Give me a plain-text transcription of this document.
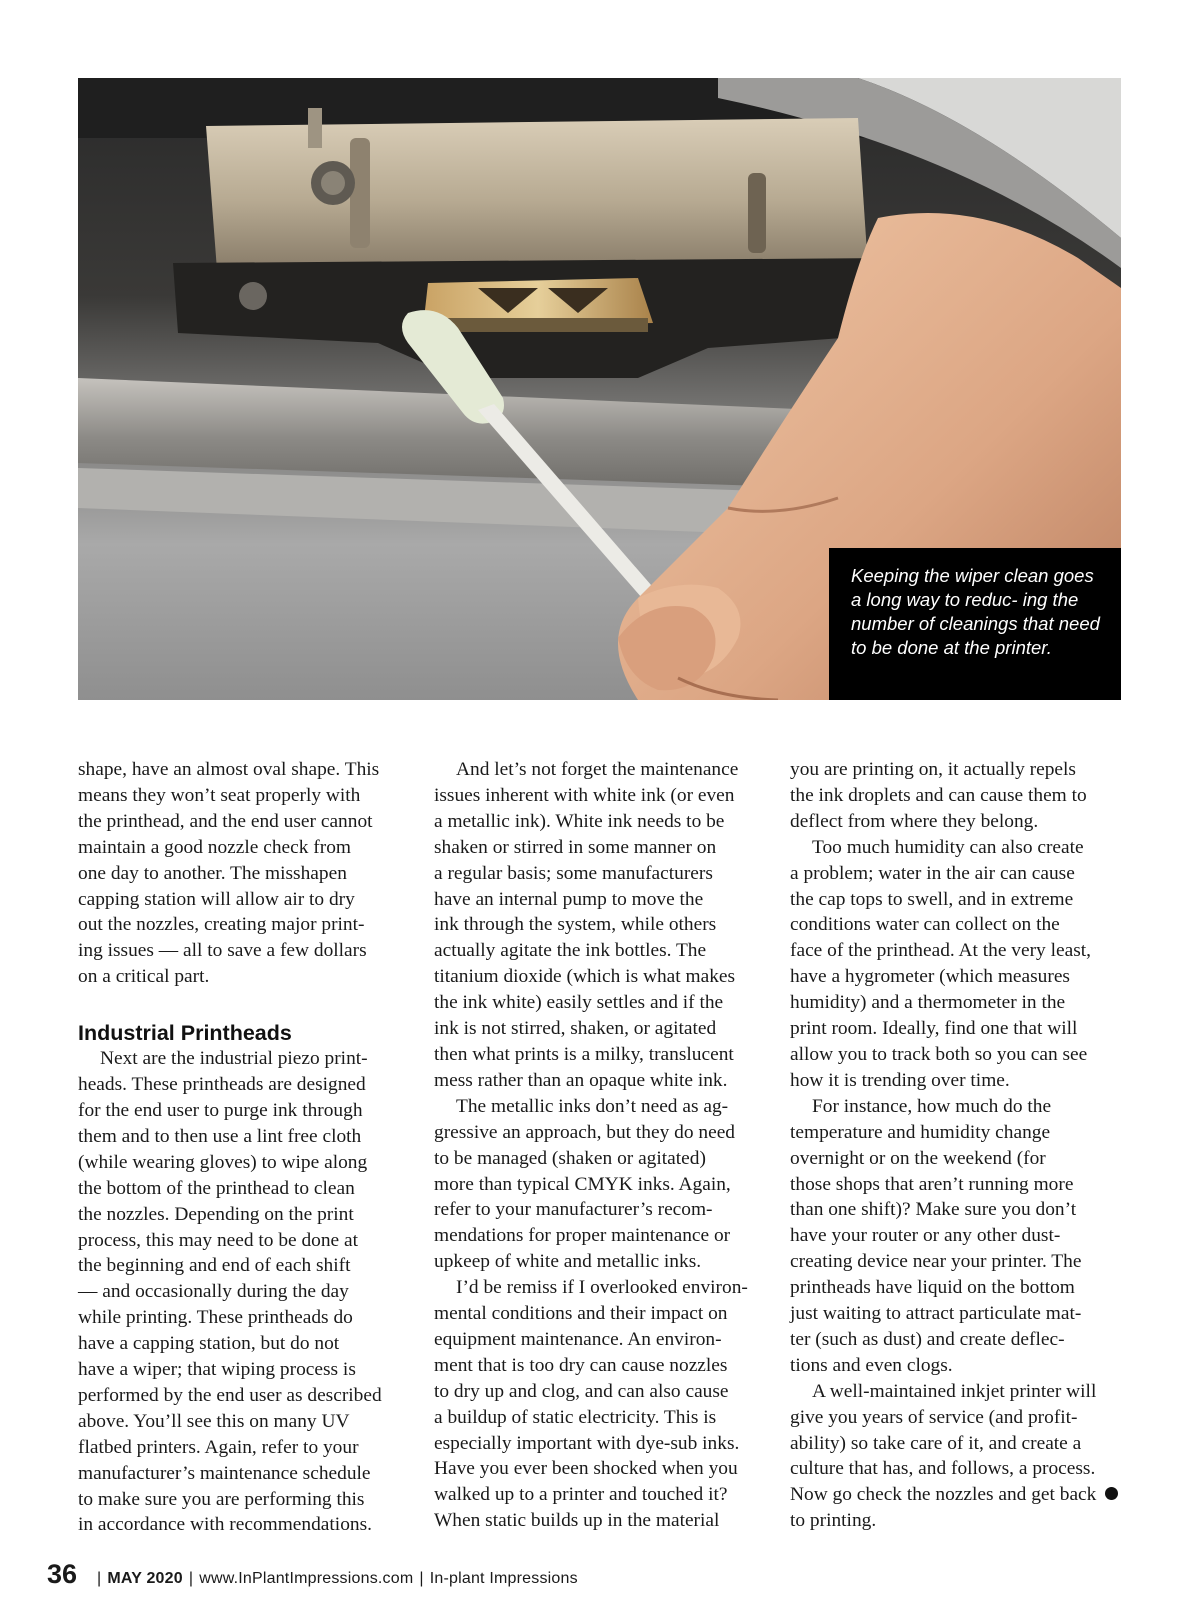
Keeping the wiper clean goes a long way to reduc- ing the number of cleanings that need to be done at the printer.

shape, have an almost oval shape. This
means they won’t seat properly with
the printhead, and the end user cannot
maintain a good nozzle check from
one day to another. The misshapen
capping station will allow air to dry
out the nozzles, creating major print-
ing issues — all to save a few dollars
on a critical part.

Industrial Printheads

Next are the industrial piezo print-
heads. These printheads are designed
for the end user to purge ink through
them and to then use a lint free cloth
(while wearing gloves) to wipe along
the bottom of the printhead to clean
the nozzles. Depending on the print
process, this may need to be done at
the beginning and end of each shift
— and occasionally during the day
while printing. These printheads do
have a capping station, but do not
have a wiper; that wiping process is
performed by the end user as described
above. You’ll see this on many UV
flatbed printers. Again, refer to your
manufacturer’s maintenance schedule
to make sure you are performing this
in accordance with recommendations.

And let’s not forget the maintenance
issues inherent with white ink (or even
a metallic ink). White ink needs to be
shaken or stirred in some manner on
a regular basis; some manufacturers
have an internal pump to move the
ink through the system, while others
actually agitate the ink bottles. The
titanium dioxide (which is what makes
the ink white) easily settles and if the
ink is not stirred, shaken, or agitated
then what prints is a milky, translucent
mess rather than an opaque white ink.

The metallic inks don’t need as ag-
gressive an approach, but they do need
to be managed (shaken or agitated)
more than typical CMYK inks. Again,
refer to your manufacturer’s recom-
mendations for proper maintenance or
upkeep of white and metallic inks.

I’d be remiss if I overlooked environ-
mental conditions and their impact on
equipment maintenance. An environ-
ment that is too dry can cause nozzles
to dry up and clog, and can also cause
a buildup of static electricity. This is
especially important with dye-sub inks.
Have you ever been shocked when you
walked up to a printer and touched it?
When static builds up in the material

you are printing on, it actually repels
the ink droplets and can cause them to
deflect from where they belong.

Too much humidity can also create
a problem; water in the air can cause
the cap tops to swell, and in extreme
conditions water can collect on the
face of the printhead. At the very least,
have a hygrometer (which measures
humidity) and a thermometer in the
print room. Ideally, find one that will
allow you to track both so you can see
how it is trending over time.

For instance, how much do the
temperature and humidity change
overnight or on the weekend (for
those shops that aren’t running more
than one shift)? Make sure you don’t
have your router or any other dust-
creating device near your printer. The
printheads have liquid on the bottom
just waiting to attract particulate mat-
ter (such as dust) and create deflec-
tions and even clogs.

A well-maintained inkjet printer will
give you years of service (and profit-
ability) so take care of it, and create a
culture that has, and follows, a process.
Now go check the nozzles and get back
to printing.

36	| MAY 2020 | www.InPlantImpressions.com | In-plant Impressions
